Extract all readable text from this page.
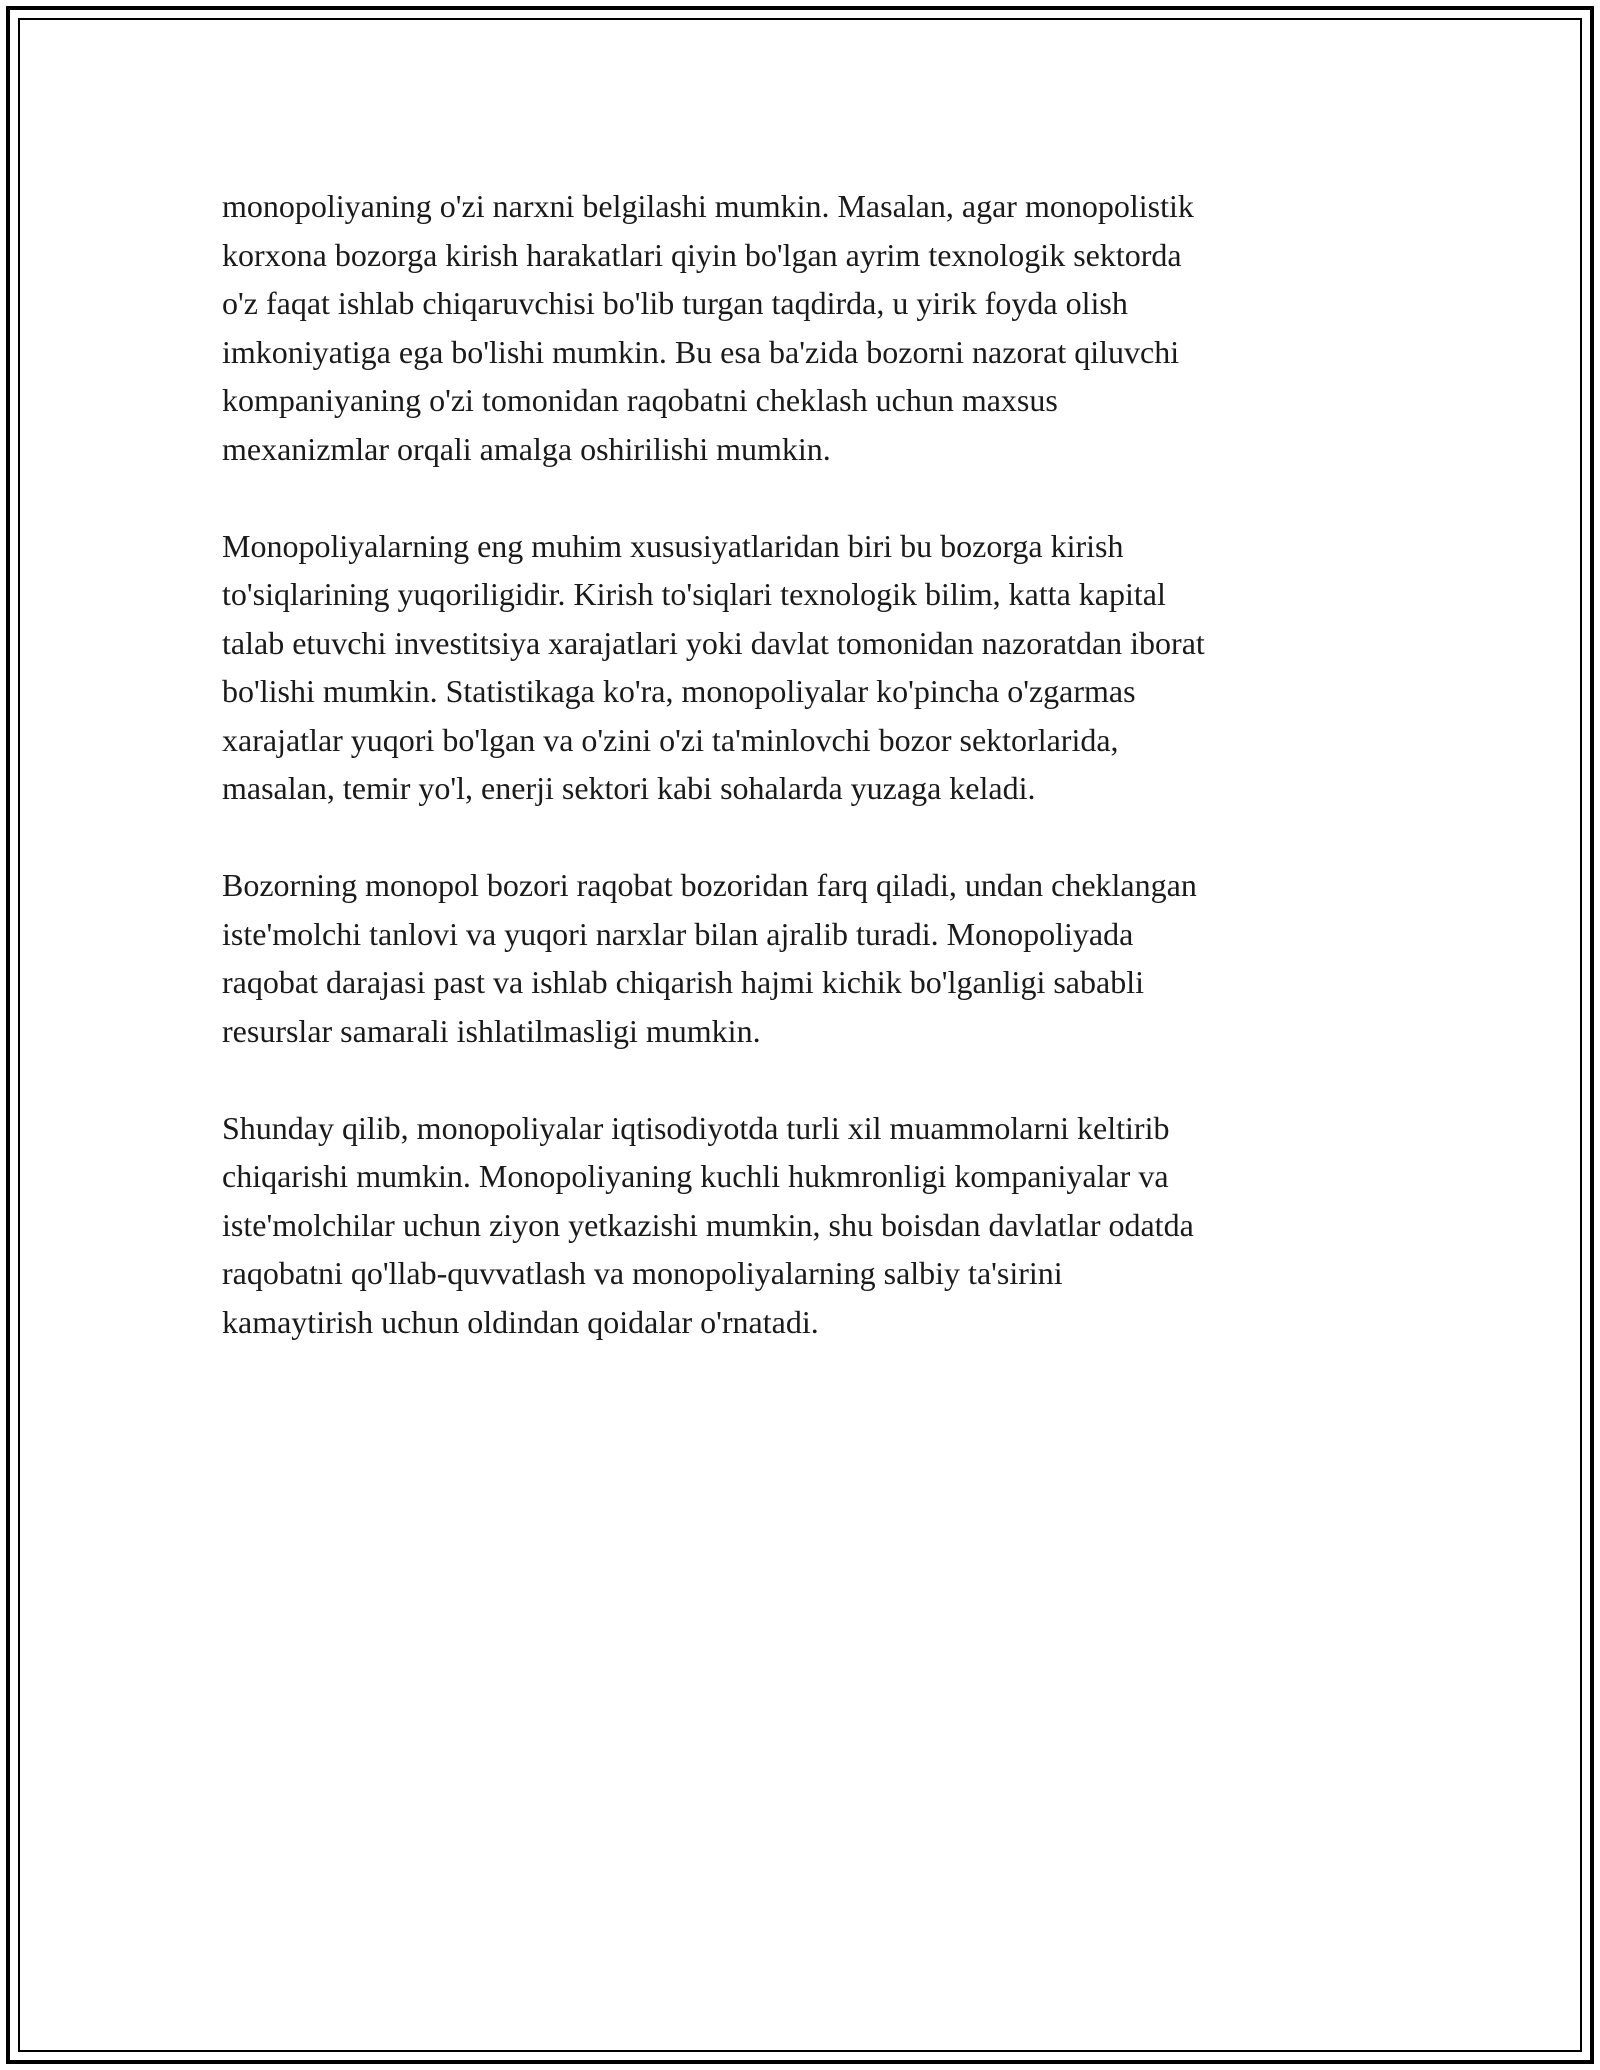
monopoliyaning o'zi narxni belgilashi mumkin. Masalan, agar monopolistik
korxona bozorga kirish harakatlari qiyin bo'lgan ayrim texnologik sektorda
o'z faqat ishlab chiqaruvchisi bo'lib turgan taqdirda, u yirik foyda olish
imkoniyatiga ega bo'lishi mumkin. Bu esa ba'zida bozorni nazorat qiluvchi
kompaniyaning o'zi tomonidan raqobatni cheklash uchun maxsus
mexanizmlar orqali amalga oshirilishi mumkin.

Monopoliyalarning eng muhim xususiyatlaridan biri bu bozorga kirish
to'siqlarining yuqoriligidir. Kirish to'siqlari texnologik bilim, katta kapital
talab etuvchi investitsiya xarajatlari yoki davlat tomonidan nazoratdan iborat
bo'lishi mumkin. Statistikaga ko'ra, monopoliyalar ko'pincha o'zgarmas
xarajatlar yuqori bo'lgan va o'zini o'zi ta'minlovchi bozor sektorlarida,
masalan, temir yo'l, enerji sektori kabi sohalarda yuzaga keladi.

Bozorning monopol bozori raqobat bozoridan farq qiladi, undan cheklangan
iste'molchi tanlovi va yuqori narxlar bilan ajralib turadi. Monopoliyada
raqobat darajasi past va ishlab chiqarish hajmi kichik bo'lganligi sababli
resurslar samarali ishlatilmasligi mumkin.

Shunday qilib, monopoliyalar iqtisodiyotda turli xil muammolarni keltirib
chiqarishi mumkin. Monopoliyaning kuchli hukmronligi kompaniyalar va
iste'molchilar uchun ziyon yetkazishi mumkin, shu boisdan davlatlar odatda
raqobatni qo'llab-quvvatlash va monopoliyalarning salbiy ta'sirini
kamaytirish uchun oldindan qoidalar o'rnatadi.
